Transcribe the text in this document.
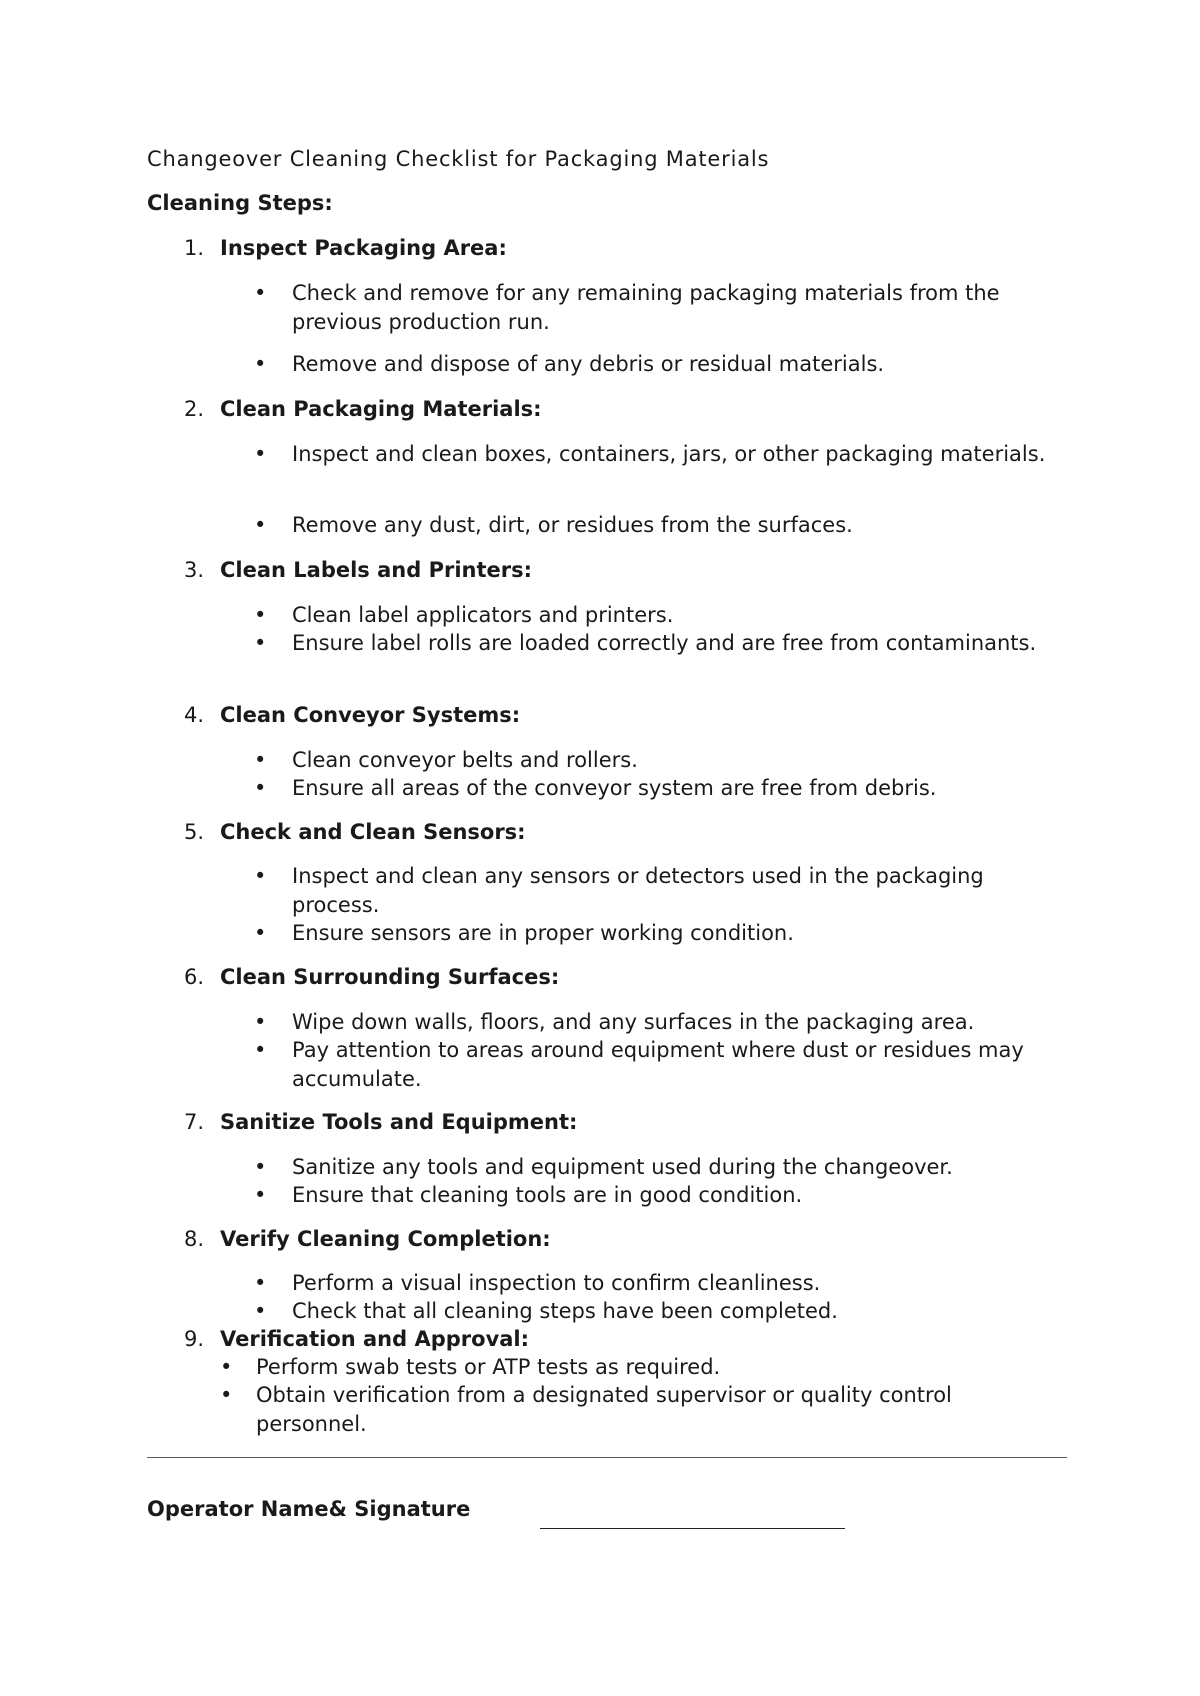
Changeover Cleaning Checklist for Packaging Materials
Cleaning Steps:
1. Inspect Packaging Area:
•	Check and remove for any remaining packaging materials from the previous production run.
•	Remove and dispose of any debris or residual materials.
2. Clean Packaging Materials:
•	Inspect and clean boxes, containers, jars, or other packaging materials.
•	Remove any dust, dirt, or residues from the surfaces.
3. Clean Labels and Printers:
•	Clean label applicators and printers.
•	Ensure label rolls are loaded correctly and are free from contaminants.
4. Clean Conveyor Systems:
•	Clean conveyor belts and rollers.
•	Ensure all areas of the conveyor system are free from debris.
5. Check and Clean Sensors:
•	Inspect and clean any sensors or detectors used in the packaging process.
•	Ensure sensors are in proper working condition.
6. Clean Surrounding Surfaces:
•	Wipe down walls, floors, and any surfaces in the packaging area.
•	Pay attention to areas around equipment where dust or residues may accumulate.
7. Sanitize Tools and Equipment:
•	Sanitize any tools and equipment used during the changeover.
•	Ensure that cleaning tools are in good condition.
8. Verify Cleaning Completion:
•	Perform a visual inspection to confirm cleanliness.
•	Check that all cleaning steps have been completed.
9. Verification and Approval:
•	Perform swab tests or ATP tests as required.
•	Obtain verification from a designated supervisor or quality control personnel.
Operator Name& Signature
